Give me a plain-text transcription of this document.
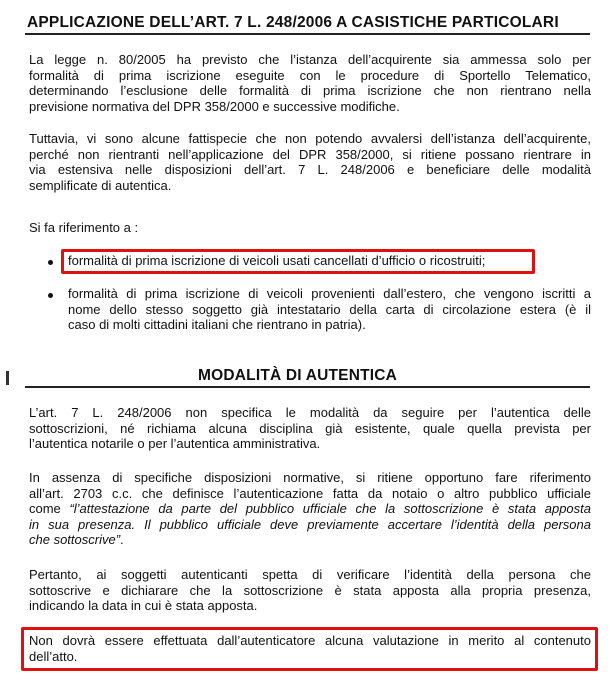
APPLICAZIONE DELL’ART. 7 L. 248/2006 A CASISTICHE PARTICOLARI
La legge n. 80/2005 ha previsto che l’istanza dell’acquirente sia ammessa solo per
formalità di prima iscrizione eseguite con le procedure di Sportello Telematico,
determinando l’esclusione delle formalità di prima iscrizione che non rientrano nella
previsione normativa del DPR 358/2000 e successive modifiche.
Tuttavia, vi sono alcune fattispecie che non potendo avvalersi dell’istanza dell’acquirente,
perché non rientranti nell’applicazione del DPR 358/2000, si ritiene possano rientrare in
via estensiva nelle disposizioni dell’art. 7 L. 248/2006 e beneficiare delle modalità
semplificate di autentica.
Si fa riferimento a :
formalità di prima iscrizione di veicoli usati cancellati d’ufficio o ricostruiti;
formalità di prima iscrizione di veicoli provenienti dall’estero, che vengono iscritti a
nome dello stesso soggetto già intestatario della carta di circolazione estera (è il
caso di molti cittadini italiani che rientrano in patria).
MODALITÀ DI AUTENTICA
L’art. 7 L. 248/2006 non specifica le modalità da seguire per l’autentica delle
sottoscrizioni, né richiama alcuna disciplina già esistente, quale quella prevista per
l’autentica notarile o per l’autentica amministrativa.
In assenza di specifiche disposizioni normative, si ritiene opportuno fare riferimento
all’art. 2703 c.c. che definisce l’autenticazione fatta da notaio o altro pubblico ufficiale
come “l’attestazione da parte del pubblico ufficiale che la sottoscrizione è stata apposta
in sua presenza. Il pubblico ufficiale deve previamente accertare l’identità della persona
che sottoscrive”.
Pertanto, ai soggetti autenticanti spetta di verificare l’identità della persona che
sottoscrive e dichiarare che la sottoscrizione è stata apposta alla propria presenza,
indicando la data in cui è stata apposta.
Non dovrà essere effettuata dall’autenticatore alcuna valutazione in merito al contenuto
dell’atto.
